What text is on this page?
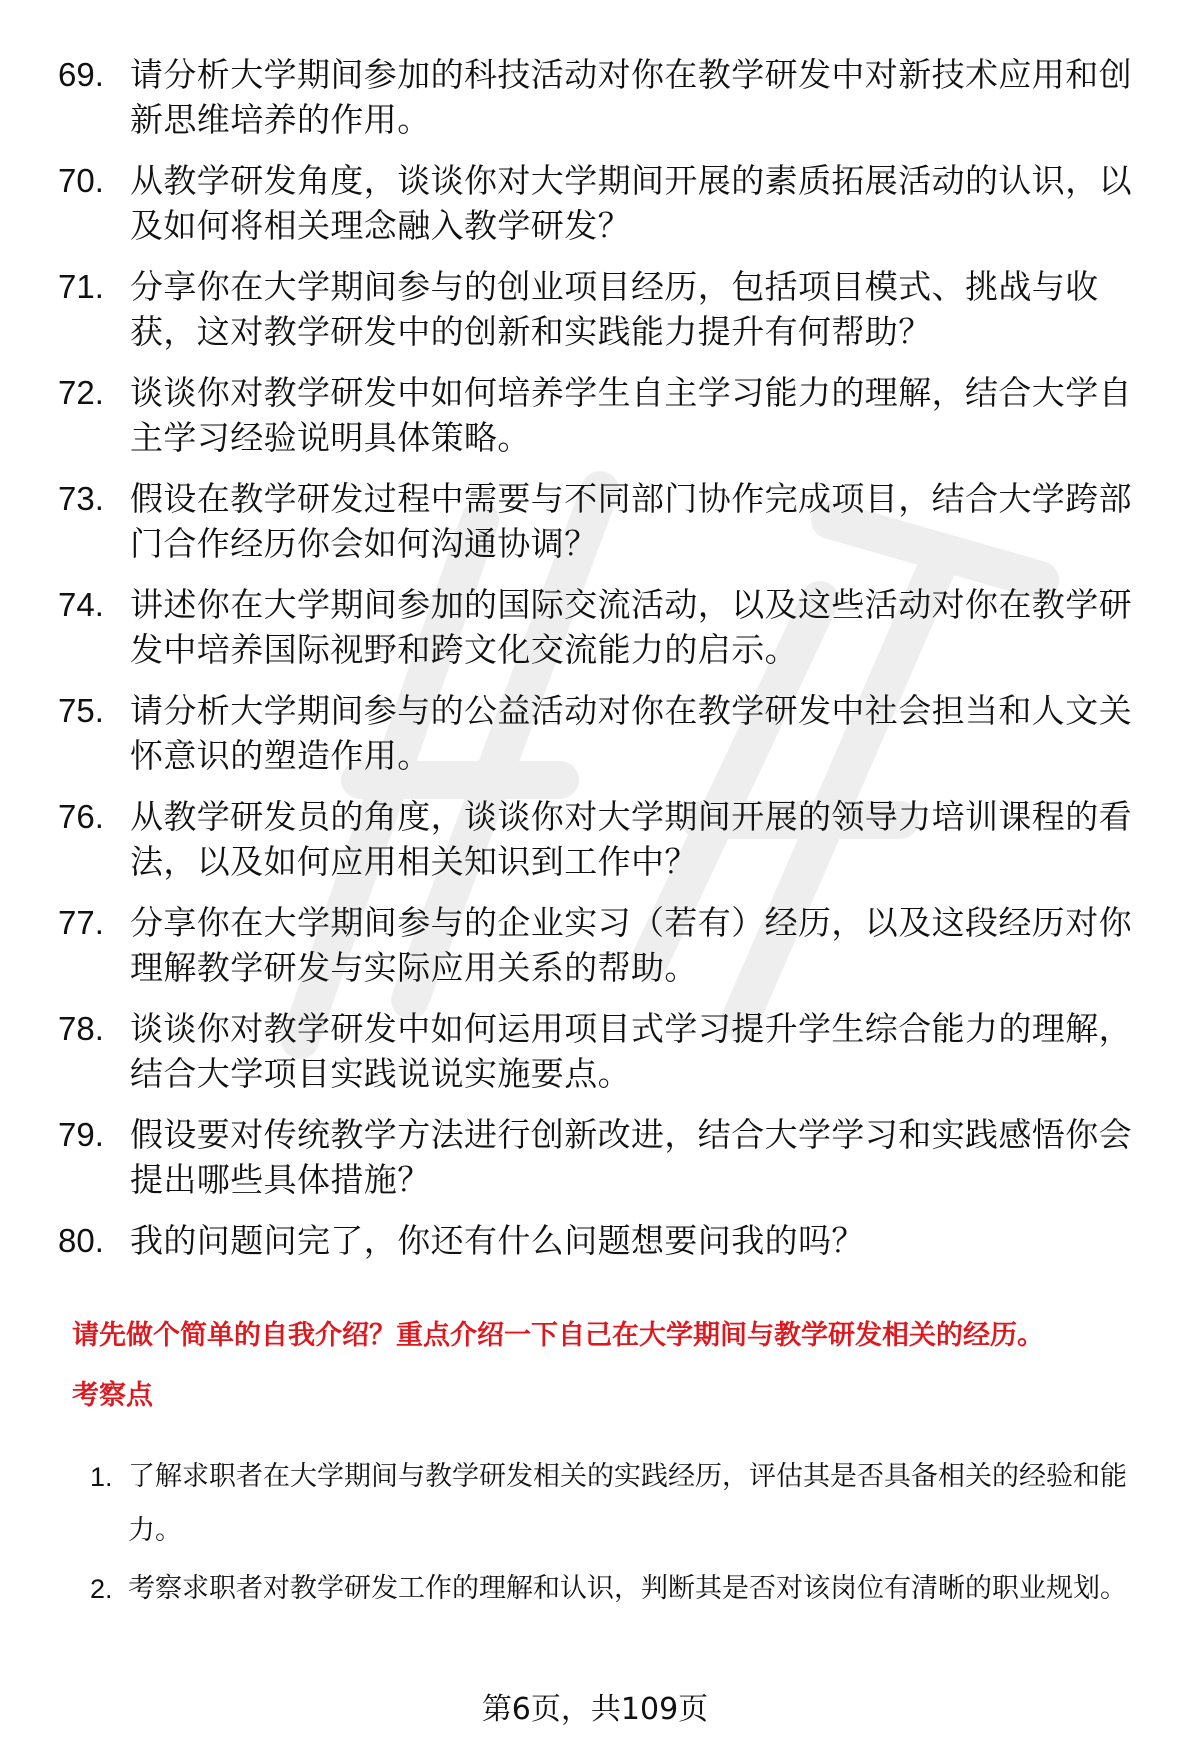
69. 请分析大学期间参加的科技活动对你在教学研发中对新技术应用和创新思维培养的作用。
70. 从教学研发角度，谈谈你对大学期间开展的素质拓展活动的认识，以及如何将相关理念融入教学研发？
71. 分享你在大学期间参与的创业项目经历，包括项目模式、挑战与收获，这对教学研发中的创新和实践能力提升有何帮助？
72. 谈谈你对教学研发中如何培养学生自主学习能力的理解，结合大学自主学习经验说明具体策略。
73. 假设在教学研发过程中需要与不同部门协作完成项目，结合大学跨部门合作经历你会如何沟通协调？
74. 讲述你在大学期间参加的国际交流活动，以及这些活动对你在教学研发中培养国际视野和跨文化交流能力的启示。
75. 请分析大学期间参与的公益活动对你在教学研发中社会担当和人文关怀意识的塑造作用。
76. 从教学研发员的角度，谈谈你对大学期间开展的领导力培训课程的看法，以及如何应用相关知识到工作中？
77. 分享你在大学期间参与的企业实习（若有）经历，以及这段经历对你理解教学研发与实际应用关系的帮助。
78. 谈谈你对教学研发中如何运用项目式学习提升学生综合能力的理解，结合大学项目实践说说实施要点。
79. 假设要对传统教学方法进行创新改进，结合大学学习和实践感悟你会提出哪些具体措施？
80. 我的问题问完了，你还有什么问题想要问我的吗？
请先做个简单的自我介绍？重点介绍一下自己在大学期间与教学研发相关的经历。
考察点
1. 了解求职者在大学期间与教学研发相关的实践经历，评估其是否具备相关的经验和能力。
2. 考察求职者对教学研发工作的理解和认识，判断其是否对该岗位有清晰的职业规划。
第6页，共109页
